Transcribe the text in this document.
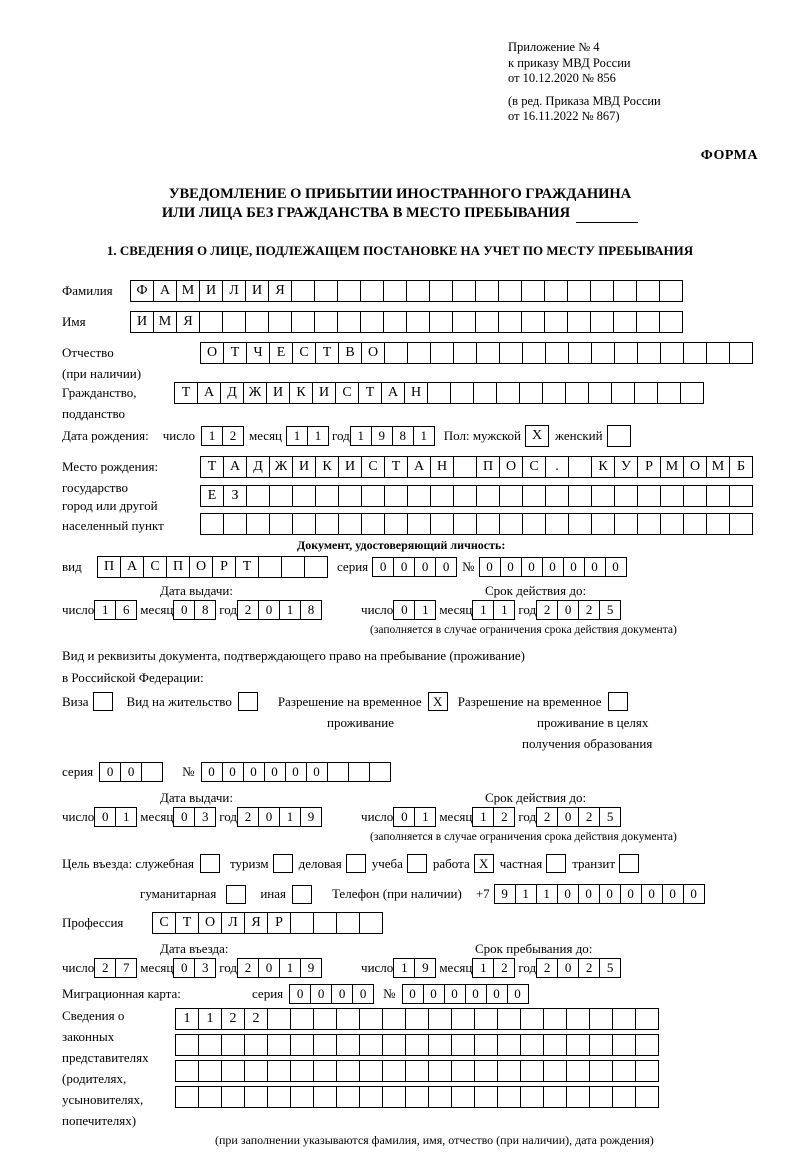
Приложение № 4
к приказу МВД России
от 10.12.2020 № 856
(в ред. Приказа МВД России
от 16.11.2022 № 867)
ФОРМА
УВЕДОМЛЕНИЕ О ПРИБЫТИИ ИНОСТРАННОГО ГРАЖДАНИНА
ИЛИ ЛИЦА БЕЗ ГРАЖДАНСТВА В МЕСТО ПРЕБЫВАНИЯ
1. СВЕДЕНИЯ О ЛИЦЕ, ПОДЛЕЖАЩЕМ ПОСТАНОВКЕ НА УЧЕТ ПО МЕСТУ ПРЕБЫВАНИЯ
Фамилия	Ф А М И Л И Я
Имя	И М Я
Отчество	О Т	Ч	Е	С	Т	В О
(при наличии)
Гражданство,	Т А Д Ж И К И С	Т А Н
подданство
Дата рождения: число	1	2 месяц 1	1 год 1	9	8	1	Пол: мужской Х женский
Место рождения:	Т А Д Ж И К И С	Т А Н	П О С	.	К У	Р М О М Б
государство
Е	З
город или другой
населенный пункт
Документ, удостоверяющий личность:
вид	П А С П О	Р	Т	серия 0	0	0	0 № 0	0	0	0	0	0	0
Дата выдачи:	Срок действия до:
число 1	6 месяц 0	8 год 2	0	1	8	число 0	1 месяц 1	1 год 2	0	2	5
(заполняется в случае ограничения срока действия документа)
Вид и реквизиты документа, подтверждающего право на пребывание (проживание)
в Российской Федерации:
Виза	Вид на жительство	Разрешение на временное Х	Разрешение на временное
проживание	проживание в целях
получения образования
серия	0	0	№	0	0	0	0	0	0
Дата выдачи:	Срок действия до:
число 0	1 месяц 0	3 год 2	0	1	9	число 0	1 месяц 1	2 год 2	0	2	5
(заполняется в случае ограничения срока действия документа)
Цель въезда: служебная	туризм деловая учеба работа Х частная транзит
гуманитарная	иная	Телефон (при наличии) +7 9	1	1	0	0	0	0	0	0	0
Профессия	С	Т О Л Я	Р
Дата въезда:	Срок пребывания до:
число 2	7 месяц 0	3 год 2	0	1	9	число 1	9 месяц 1	2 год 2	0	2	5
Миграционная карта:	серия	0	0	0	0	№	0	0	0	0	0	0
Сведения о
законных
представителях
(родителях,
усыновителях,
попечителях)
1	1	2	2
(при заполнении указываются фамилия, имя, отчество (при наличии), дата рождения)
